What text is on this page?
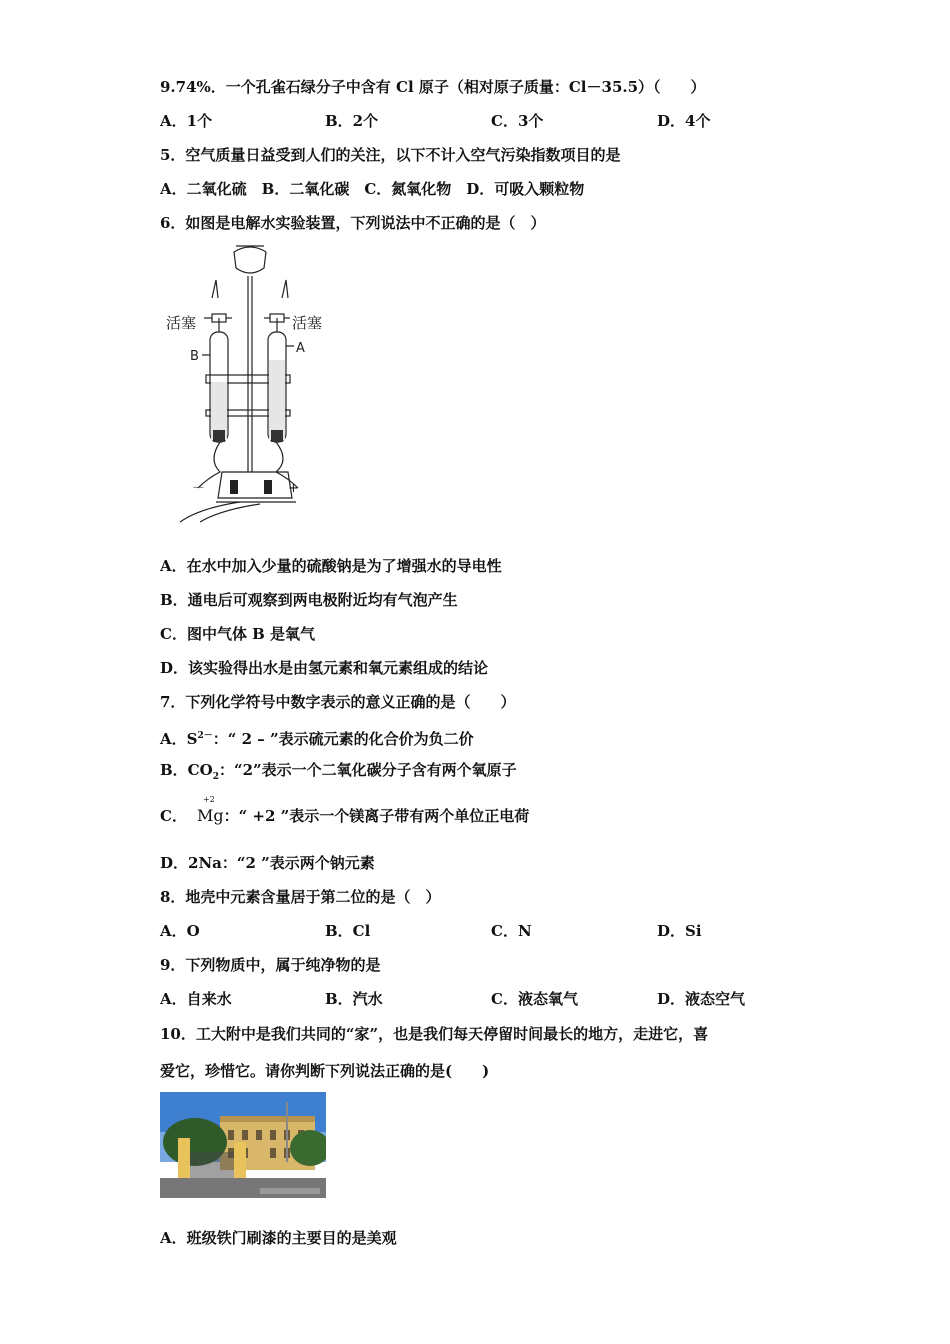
9.74%．一个孔雀石绿分子中含有 Cl 原子（相对原子质量：Cl－35.5）（　　）
A．1个	B．2个	C．3个	D．4个
5．空气质量日益受到人们的关注，以下不计入空气污染指数项目的是
A．二氧化硫　B．二氧化碳　C．氮氧化物　D．可吸入颗粒物
6．如图是电解水实验装置，下列说法中不正确的是（　）
活塞	活塞
B
A
－	+
A．在水中加入少量的硫酸钠是为了增强水的导电性
B．通电后可观察到两电极附近均有气泡产生
C．图中气体 B 是氧气
D．该实验得出水是由氢元素和氧元素组成的结论
7．下列化学符号中数字表示的意义正确的是（　　）
A．$S^{2-}$：“ 2 – ”表示硫元素的化合价为负二价
B．$CO_2$：“2”表示一个二氧化碳分子含有两个氧原子
C．
+2
Mg：“ +2 ”表示一个镁离子带有两个单位正电荷
D．2Na：“2 ”表示两个钠元素
8．地壳中元素含量居于第二位的是（　）
A．O	B．Cl	C．N	D．Si
9．下列物质中，属于纯净物的是
A．自来水	B．汽水	C．液态氧气	D．液态空气
10．工大附中是我们共同的“家”，也是我们每天停留时间最长的地方，走进它，喜
爱它，珍惜它。请你判断下列说法正确的是(　　)
A．班级铁门刷漆的主要目的是美观
